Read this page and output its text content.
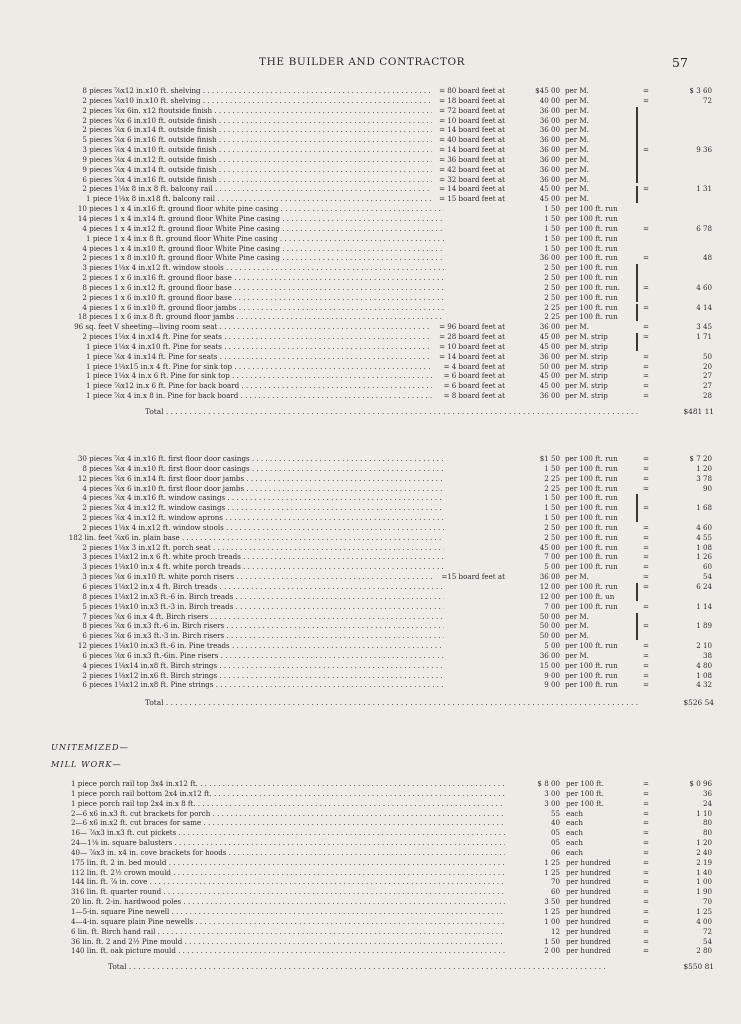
THE BUILDER AND CONTRACTOR	57
8 pieces ⅞x12 in.x10 ft. shelving . . .	= 80 board feet at	$45 00 per M.	=	$ 3 60
2 pieces ⅞x10 in.x10 ft. shelving . . .	= 18 board feet at	40 00 per M.	=	72
2 pieces ⅞x 6in. x12 ftoutside finish . . .	= 72 board feet at	36 00 per M.
2 pieces ⅞x 6 in.x10 ft. outside finish . . .	= 10 board feet at	36 00 per M.
2 pieces ⅞x 6 in.x14 ft. outside finish . . .	= 14 board feet at	36 00 per M.
5 pieces ⅞x 6 in.x16 ft. outside finish . . .	= 40 board feet at	36 00 per M.
3 pieces ⅞x 4 in.x10 ft. outside finish . . .	= 14 board feet at	36 00 per M.	=	9 36
9 pieces ⅞x 4 in.x12 ft. outside finish . . .	= 36 board feet at	36 00 per M.
9 pieces ⅞x 4 in.x14 ft. outside finish . . .	= 42 board feet at	36 00 per M.
6 pieces ⅞x 4 in.x16 ft. outside finish . . .	= 32 board feet at	36 00 per M.
2 pieces 1⅛x 8 in.x 8 ft. balcony rail . . .	= 14 board feet at	45 00 per M.	=	1 31
1 piece 1⅛x 8 in.x18 ft. balcony rail . . .	= 15 board feet at	45 00 per M.
10 pieces 1 x 4 in.x16 ft. ground floor white pine casing . . .	1 50 per 100 ft. run
14 pieces 1 x 4 in.x14 ft. ground floor White Pine casing . . .	1 50 per 100 ft. run
4 pieces 1 x 4 in.x12 ft. ground floor White Pine casing . . .	1 50 per 100 ft. run	=	6 78
1 piece 1 x 4 in.x 8 ft. ground floor White Pine casing . . .	1 50 per 100 ft. run
4 pieces 1 x 4 in.x10 ft. ground floor White Pine casing . . .	1 50 per 100 ft. run
2 pieces 1 x 8 in.x10 ft. ground floor White Pine casing . . .	36 00 per 100 ft. run	=	48
3 pieces 1⅛x 4 in.x12 ft. window stools . . .	2 50 per 100 ft. run
2 pieces 1 x 6 in.x16 ft. ground floor base . . .	2 50 per 100 ft. run
8 pieces 1 x 6 in.x12 ft. ground floor base . . .	2 50 per 100 ft. run.	=	4 60
2 pieces 1 x 6 in.x10 ft. ground floor base . . .	2 50 per 100 ft. run
4 pieces 1 x 6 in.x10 ft. ground floor jambs . . .	2 25 per 100 ft. run	=	4 14
18 pieces 1 x 6 in.x 8 ft. ground floor jambs . . .	2 25 per 100 ft. run
96 sq. feet V sheeting—living room seat . . .	= 96 board feet at	36 00 per M.	=	3 45
2 pieces 1⅛x 4 in.x14 ft. Pine for seats . . .	= 28 board feet at	45 00 per M. strip	=	1 71
1 piece 1⅛x 4 in.x10 ft. Pine for seats . . .	= 10 board feet at	45 00 per M. strip
1 piece ⅞x 4 in.x14 ft. Pine for seats . . .	= 14 board feet at	36 00 per M. strip	=	50
1 piece 1⅛x15 in.x 4 ft. Pine for sink top . . .	= 4 board feet at	50 00 per M. strip	=	20
1 piece 1⅛x 4 in.x 6 ft. Pine for sink top . . .	= 6 board feet at	45 00 per M. strip	=	27
1 piece ⅞x12 in.x 6 ft. Pine for back board . . .	= 6 board feet at	45 00 per M. strip	=	27
1 piece ⅞x 4 in.x 8 in. Pine for back board . . .	= 8 board feet at	36 00 per M. strip	=	28
Total . . .	$481 11
30 pieces ⅞x 4 in.x16 ft. first floor door casings . . .	$1 50 per 100 ft. run	=	$ 7 20
8 pieces ⅞x 4 in.x10 ft. first floor door casings . . .	1 50 per 100 ft. run	=	1 20
12 pieces ⅞x 6 in.x14 ft. first floor door jambs . . .	2 25 per 100 ft. run	=	3 78
4 pieces ⅞x 6 in.x10 ft. first floor door jambs . . .	2 25 per 100 ft. run	=	90
4 pieces ⅞x 4 in.x16 ft. window casings . . .	1 50 per 100 ft. run
2 pieces ⅞x 4 in.x12 ft. window casings . . .	1 50 per 100 ft. run	=	1 68
2 pieces ⅞x 4 in.x12 ft. window aprons . . .	1 50 per 100 ft. run
2 pieces 1⅛x 4 in.x12 ft. window stools . . .	2 50 per 100 ft. run	=	4 60
182 lin. feet ⅞x6 in. plain base . . .	2 50 per 100 ft. run	=	4 55
2 pieces 1⅛x 3 in.x12 ft. porch seat . . .	45 00 per 100 ft. run	=	1 08
3 pieces 1⅛x12 in.x 6 ft. white proch treads . . .	7 00 per 100 ft. run	=	1 26
3 pieces 1⅛x10 in.x 4 ft. white porch treads . . .	5 00 per 100 ft. run	=	60
3 pieces ⅞x 6 in.x10 ft. white porch risers . . .	=15 board feet at	36 00 per M.	=	54
6 pieces 1⅛x12 in.x 4 ft. Birch treads . . .	12 00 per 100 ft. run	=	6 24
8 pieces 1⅛x12 in.x3 ft.-6 in. Birch treads . . .	12 00 per 100 ft. un
5 pieces 1⅛x10 in.x3 ft.-3 in. Birch treads . . .	7 00 per 100 ft. run	=	1 14
7 pieces ⅞x 6 in.x 4 ft. Birch risers . . .	50 00 per M.
8 pieces ⅞x 6 in.x3 ft.-6 in. Birch risers . . .	50 00 per M.	=	1 89
6 pieces ⅞x 6 in.x3 ft.-3 in. Birch risers . . .	50 00 per M.
12 pieces 1⅛x10 in.x3 ft.-6 in. Pine treads . . .	5 00 per 100 ft. run	=	2 10
6 pieces ⅞x 6 in.x3 ft.-6in. Pine risers . . .	36 00 per M.	=	38
4 pieces 1⅛x14 in.x8 ft. Birch strings . . .	15 00 per 100 ft. run	=	4 80
2 pieces 1⅛x12 in.x6 ft. Birch strings . . .	9 00 per 100 ft. run	=	1 08
6 pieces 1⅛x12 in.x8 ft. Pine strings . . .	9 00 per 100 ft. run	=	4 32
Total . . .	$526 54
UNITEMIZED—
MILL WORK—
1 piece porch rail top 3x4 in.x12 ft. . . .	$ 8 00 per 100 ft.	=	$ 0 96
1 piece porch rail bottom 2x4 in.x12 ft. . . .	3 00 per 100 ft.	=	36
1 piece porch rail top 2x4 in.x 8 ft. . . .	3 00 per 100 ft.	=	24
2—6 x6 in.x3 ft. cut brackets for porch . . .	55 each	=	1 10
2—6 x6 in.x2 ft. cut braces for same . . .	40 each	=	80
16— ⅞x3 in.x3 ft. cut pickets . . .	05 each	=	80
24—1⅛ in. square balusters . . .	05 each	=	1 20
40— ⅞x3 in. x4 in. cove brackets for hoods . . .	06 each	=	2 40
175 lin. ft. 2 in. bed mould . . .	1 25 per hundred	=	2 19
112 lin. ft. 2½ crown mould . . .	1 25 per hundred	=	1 40
144 lin. ft. ⅞ in. cove . . .	70 per hundred	=	1 00
316 lin. ft. quarter round . . .	60 per hundred	=	1 90
20 lin. ft. 2-in. hardwood poles . . .	3 50 per hundred	=	70
1—5-in. square Pine newell . . .	1 25 per hundred	=	1 25
4—4-in. square plain Pine newells . . .	1 00 per hundred	=	4 00
6 lin. ft. Birch hand rail . . .	12 per hundred	=	72
36 lin. ft. 2 and 2½ Pine mould . . .	1 50 per hundred	=	54
140 lin. ft. oak picture mould . . .	2 00 per hundred	=	2 80
Total . . .	$550 81
